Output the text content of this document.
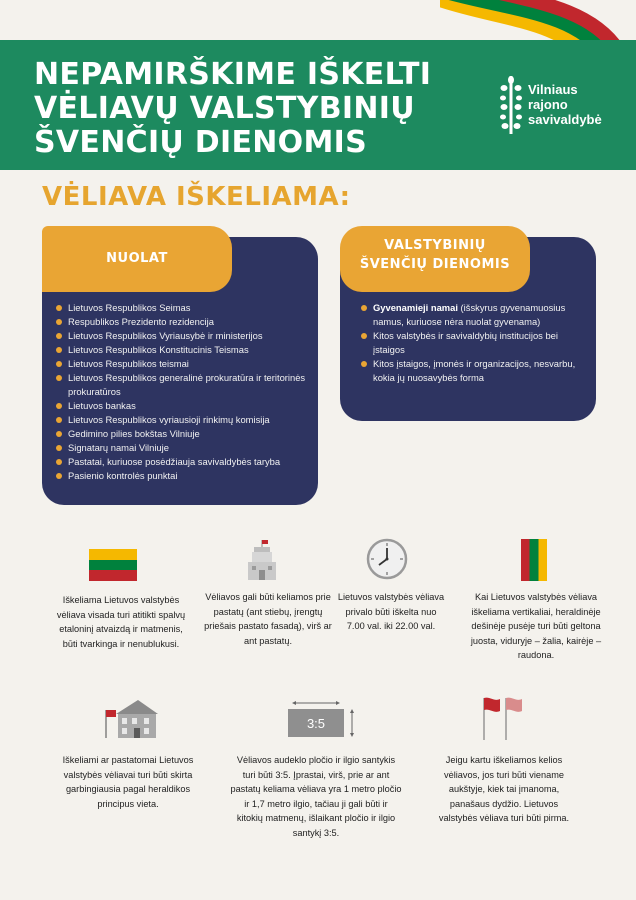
NEPAMIRŠKIME IŠKELTI
VĖLIAVŲ VALSTYBINIŲ
ŠVENČIŲ DIENOMIS
Vilniaus
rajono
savivaldybė
VĖLIAVA IŠKELIAMA:
NUOLAT
Lietuvos Respublikos Seimas
Respublikos Prezidento rezidencija
Lietuvos Respublikos Vyriausybė ir ministerijos
Lietuvos Respublikos Konstitucinis Teismas
Lietuvos Respublikos teismai
Lietuvos Respublikos generalinė prokuratūra ir teritorinės prokuratūros
Lietuvos bankas
Lietuvos Respublikos vyriausioji rinkimų komisija
Gedimino pilies bokštas Vilniuje
Signatarų namai Vilniuje
Pastatai, kuriuose posėdžiauja savivaldybės taryba
Pasienio kontrolės punktai
VALSTYBINIŲ
ŠVENČIŲ DIENOMIS
Gyvenamieji namai (išskyrus gyvenamuosius namus, kuriuose nėra nuolat gyvenama)
Kitos valstybės ir savivaldybių institucijos bei įstaigos
Kitos įstaigos, įmonės ir organizacijos, nesvarbu, kokia jų nuosavybės forma

Iškeliama Lietuvos valstybės vėliava visada turi atitikti spalvų etaloninį atvaizdą ir matmenis, būti tvarkinga ir nenublukusi.

Vėliavos gali būti keliamos prie pastatų (ant stiebų, įrengtų priešais pastato fasadą), virš ar ant pastatų.

Lietuvos valstybės vėliava privalo būti iškelta nuo 7.00 val. iki 22.00 val.

Kai Lietuvos valstybės vėliava iškeliama vertikaliai, heraldinėje dešinėje pusėje turi būti geltona juosta, viduryje – žalia, kairėje – raudona.

3:5

Iškeliami ar pastatomai Lietuvos valstybės vėliavai turi būti skirta garbingiausia pagal heraldikos principus vieta.

Vėliavos audeklo pločio ir ilgio santykis turi būti 3:5. Įprastai, virš, prie ar ant pastatų keliama vėliava yra 1 metro pločio ir 1,7 metro ilgio, tačiau ji gali būti ir kitokių matmenų, išlaikant pločio ir ilgio santykį 3:5.

Jeigu kartu iškeliamos kelios vėliavos, jos turi būti viename aukštyje, kiek tai įmanoma, panašaus dydžio. Lietuvos valstybės vėliava turi būti pirma.
